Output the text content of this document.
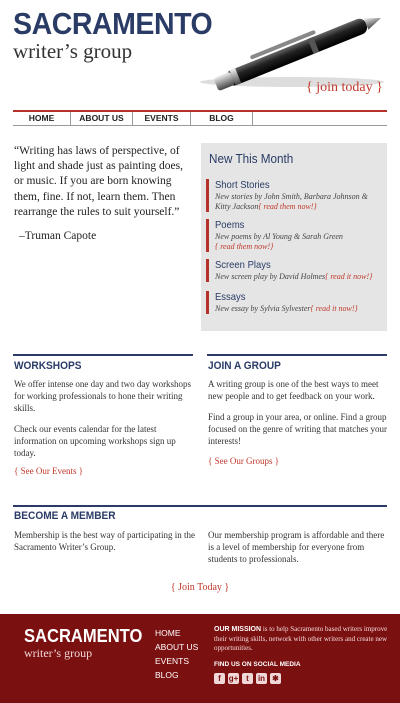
SACRAMENTO
writer’s group
{ join today }
HOME	ABOUT US	EVENTS	BLOG
“Writing has laws of perspective, of light and shade just as painting does, or music. If you are born knowing them, fine. If not, learn them. Then rearrange the rules to suit yourself.”
–Truman Capote
New This Month
Short Stories
New stories by John Smith, Barbara Johnson & Kitty Jackson{ read them now!}
Poems
New poems by Al Young & Sarah Green
{ read them now!}
Screen Plays
New screen play by David Holmes{ read it now!}
Essays
New essay by Sylvia Sylvester{ read it now!}
WORKSHOPS
We offer intense one day and two day workshops for working professionals to hone their writing skills.
Check our events calendar for the latest information on upcoming workshops sign up today.
{ See Our Events }
JOIN A GROUP
A writing group is one of the best ways to meet new people and to get feedback on your work.
Find a group in your area, or online. Find a group focused on the genre of writing that matches your interests!
{ See Our Groups }
BECOME A MEMBER
Membership is the best way of participating in the Sacramento Writer’s Group.
Our membership program is affordable and there is a level of membership for everyone from students to professionals.
{ Join Today }
SACRAMENTO
writer’s group
HOME
ABOUT US
EVENTS
BLOG
OUR MISSION is to help Sacramento based writers improve their writing skills, network with other writers and create new opportunities.
FIND US ON SOCIAL MEDIA
f g+ t	in ✱
